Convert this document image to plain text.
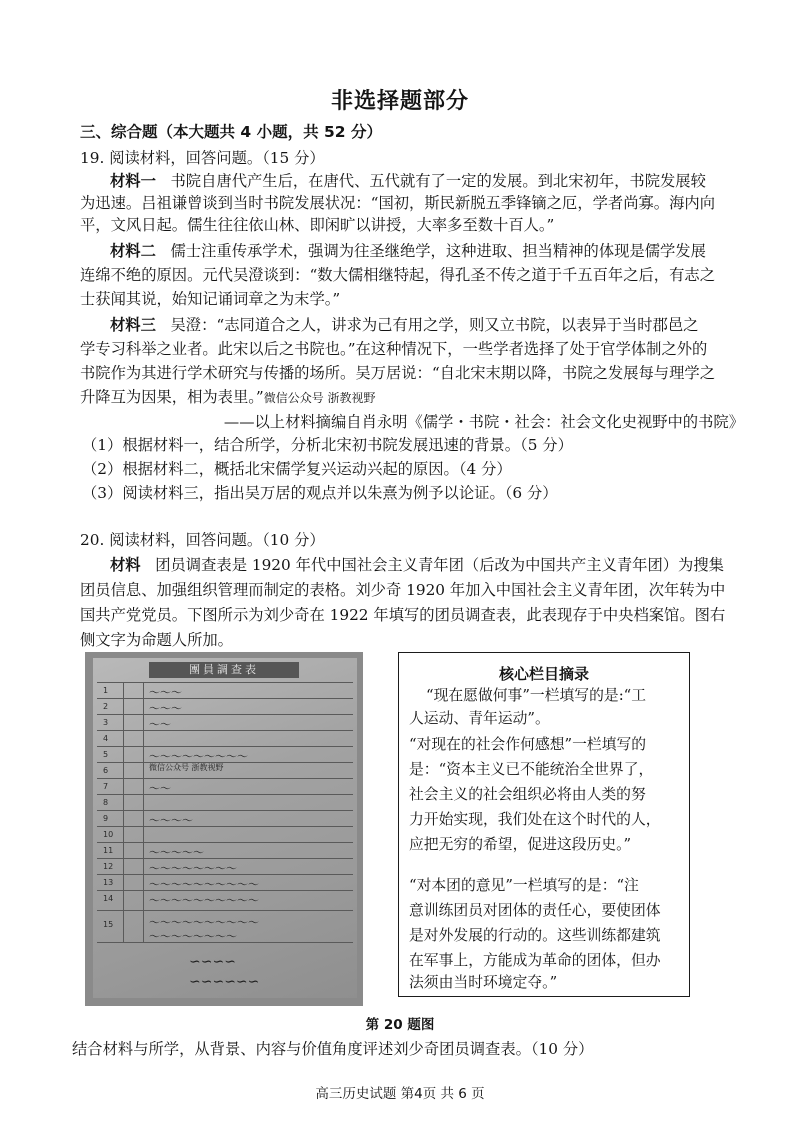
非选择题部分
三、综合题（本大题共 4 小题，共 52 分）
19. 阅读材料，回答问题。（15 分）
材料一 书院自唐代产生后，在唐代、五代就有了一定的发展。到北宋初年，书院发展较
为迅速。吕祖谦曾谈到当时书院发展状况：“国初，斯民新脱五季锋镝之厄，学者尚寡。海内向
平，文风日起。儒生往往依山林、即闲旷以讲授，大率多至数十百人。”
材料二 儒士注重传承学术，强调为往圣继绝学，这种进取、担当精神的体现是儒学发展
连绵不绝的原因。元代吴澄谈到：“数大儒相继特起，得孔圣不传之道于千五百年之后，有志之
士获闻其说，始知记诵词章之为末学。”
材料三 吴澄：“志同道合之人，讲求为己有用之学，则又立书院，以表异于当时郡邑之
学专习科举之业者。此宋以后之书院也。”在这种情况下，一些学者选择了处于官学体制之外的
书院作为其进行学术研究与传播的场所。吴万居说：“自北宋末期以降，书院之发展每与理学之
升降互为因果，相为表里。”微信公众号 浙教视野
——以上材料摘编自肖永明《儒学・书院・社会：社会文化史视野中的书院》
（1）根据材料一，结合所学，分析北宋初书院发展迅速的背景。（5 分）
（2）根据材料二，概括北宋儒学复兴运动兴起的原因。（4 分）
（3）阅读材料三，指出吴万居的观点并以朱熹为例予以论证。（6 分）
20. 阅读材料，回答问题。（10 分）
材料 团员调查表是 1920 年代中国社会主义青年团（后改为中国共产主义青年团）为搜集
团员信息、加强组织管理而制定的表格。刘少奇 1920 年加入中国社会主义青年团，次年转为中
国共产党党员。下图所示为刘少奇在 1922 年填写的团员调查表，此表现存于中央档案馆。图右
侧文字为命题人所加。
團員調查表
1
2
3
4
5
6
7
8
9
10
11
12
13
14
15
〜〜〜
〜〜〜
〜〜
〜〜〜〜〜〜〜〜〜
微信公众号 浙教视野
〜〜
〜〜〜〜
〜〜〜〜〜
〜〜〜〜〜〜〜〜
〜〜〜〜〜〜〜〜〜〜
〜〜〜〜〜〜〜〜〜〜
〜〜〜〜〜〜〜〜〜〜
〜〜〜〜〜〜〜〜
∽∽∽∽
∽∽∽∽∽∽
核心栏目摘录
“现在愿做何事”一栏填写的是:“工
人运动、青年运动”。
“对现在的社会作何感想”一栏填写的
是：“资本主义已不能统治全世界了，
社会主义的社会组织必将由人类的努
力开始实现，我们处在这个时代的人，
应把无穷的希望，促进这段历史。”
“对本团的意见”一栏填写的是：“注
意训练团员对团体的责任心，要使团体
是对外发展的行动的。这些训练都建筑
在军事上，方能成为革命的团体，但办
法须由当时环境定夺。”
第 20 题图
结合材料与所学，从背景、内容与价值角度评述刘少奇团员调查表。（10 分）
高三历史试题 第4页 共 6 页
